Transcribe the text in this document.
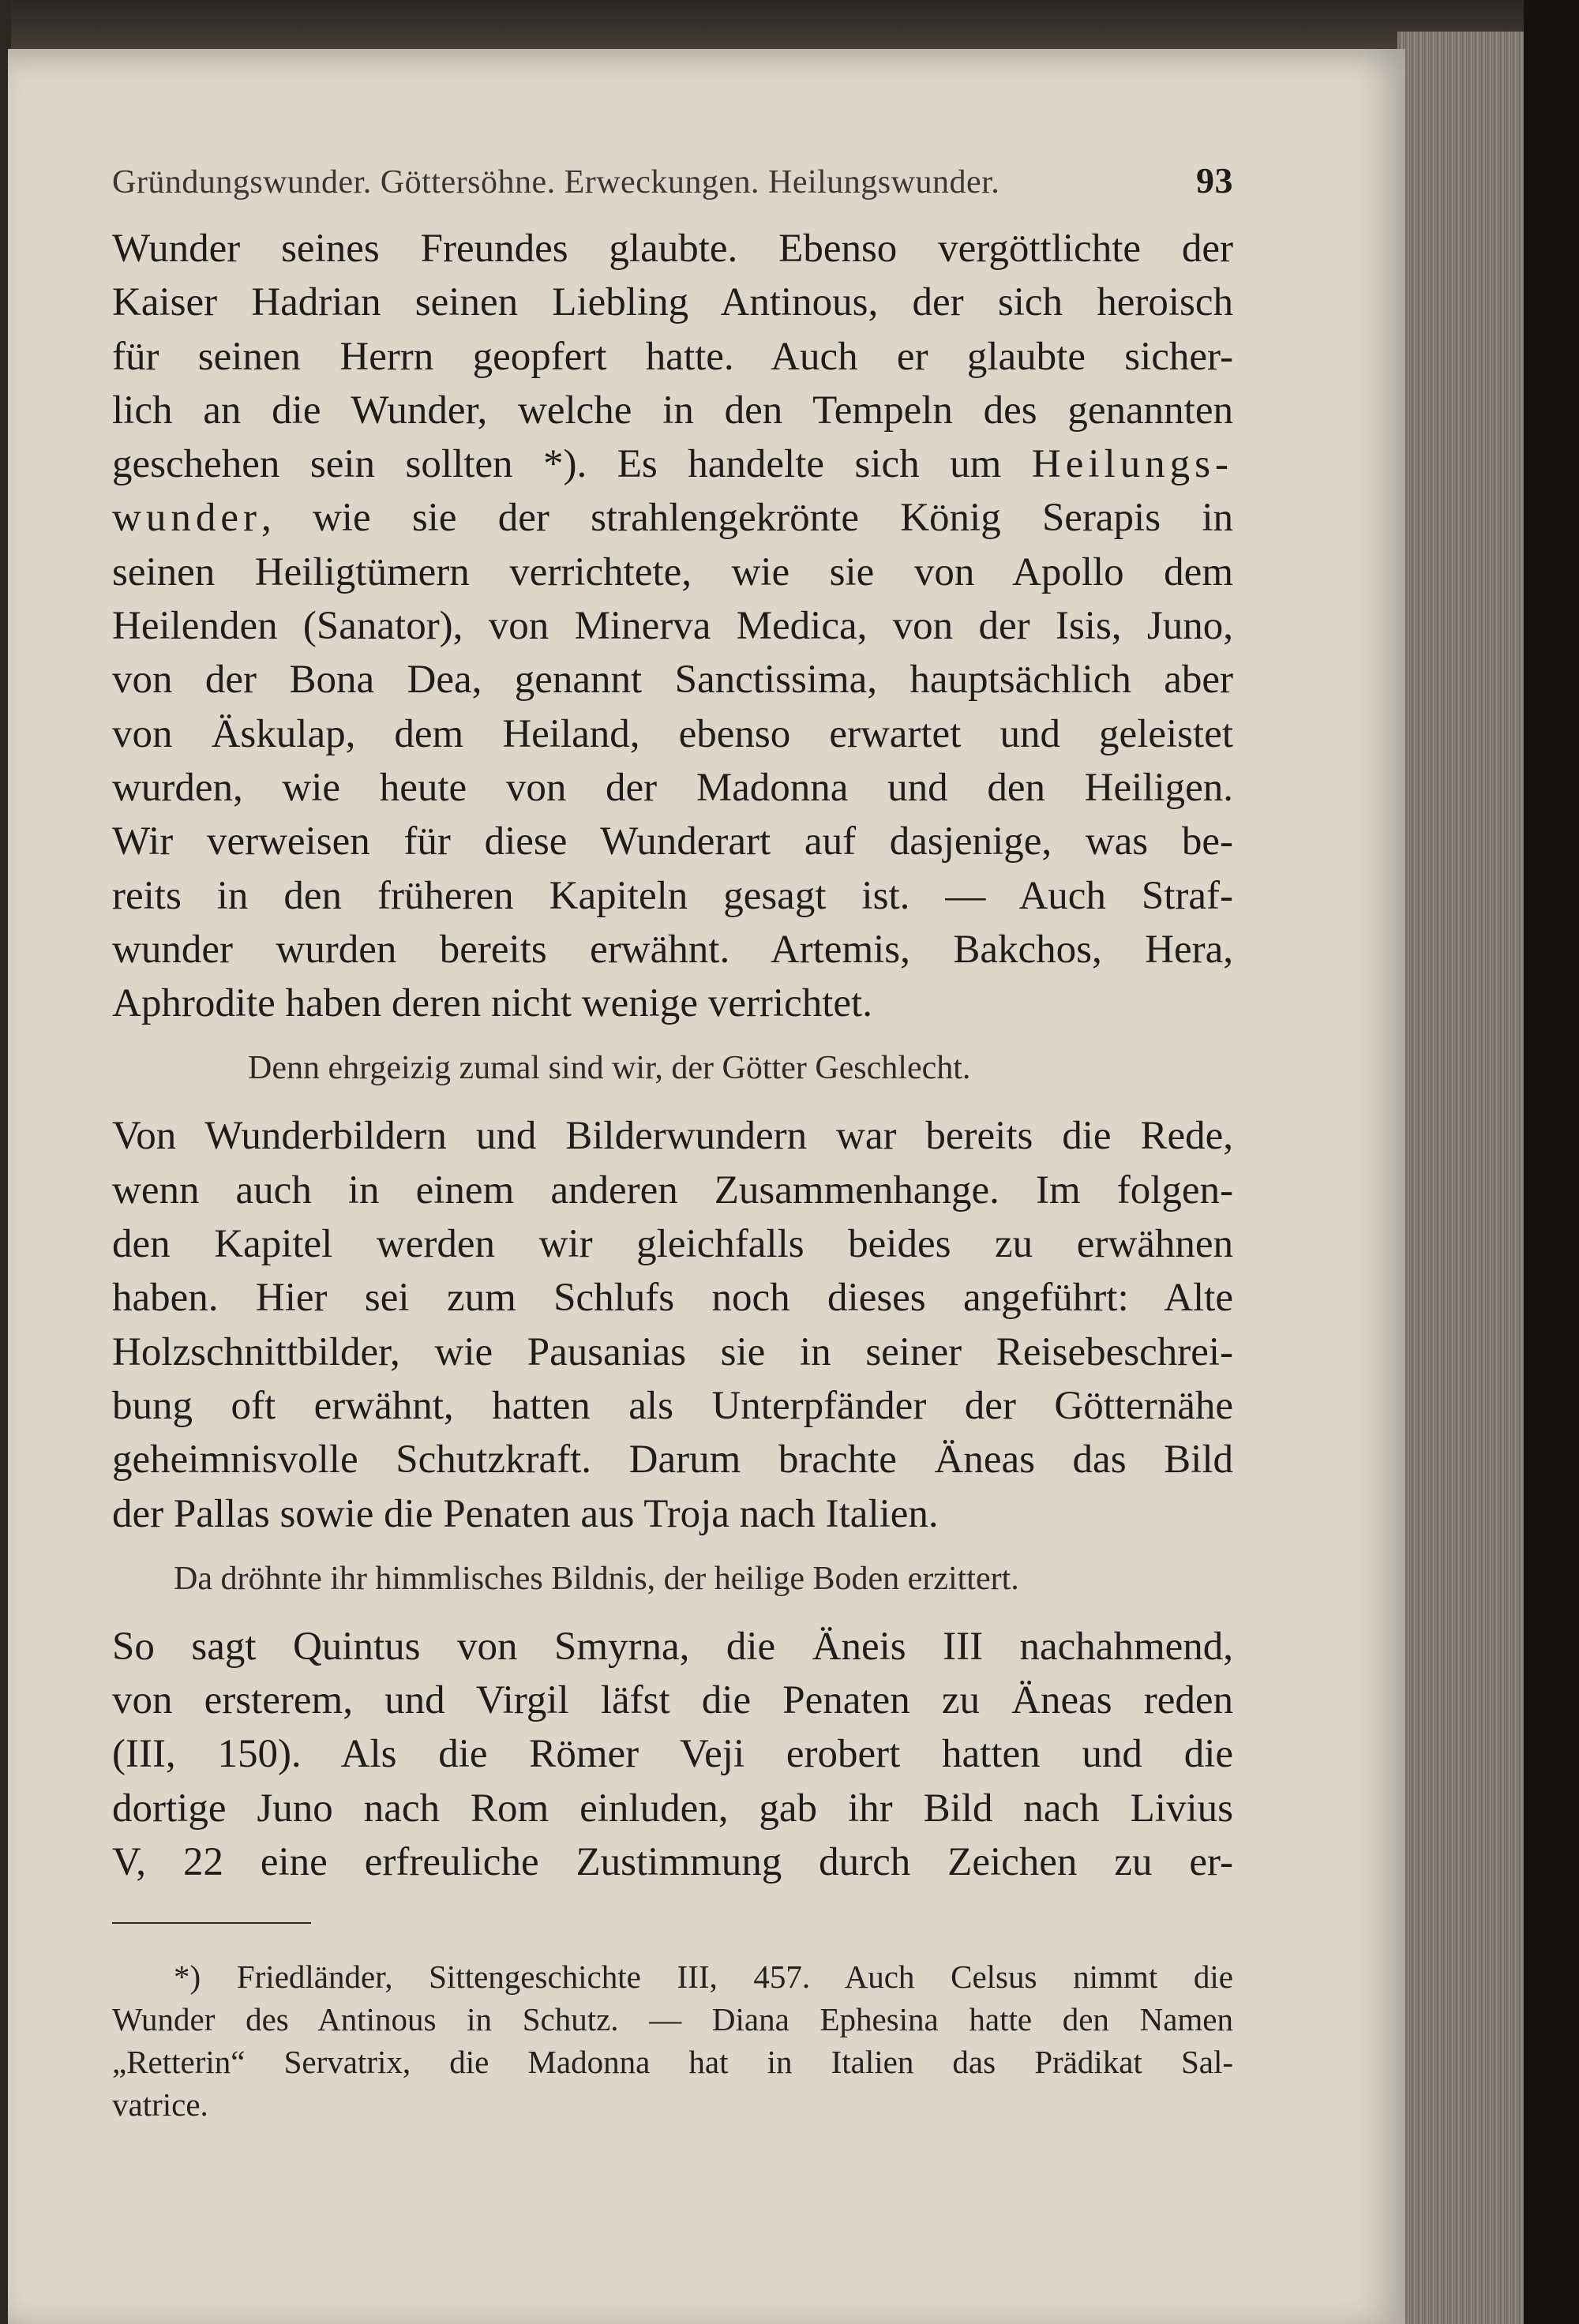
Gründungswunder. Göttersöhne. Erweckungen. Heilungswunder.	93

Wunder seines Freundes glaubte. Ebenso vergöttlichte der
Kaiser Hadrian seinen Liebling Antinous, der sich heroisch
für seinen Herrn geopfert hatte. Auch er glaubte sicher-
lich an die Wunder, welche in den Tempeln des genannten
geschehen sein sollten *). Es handelte sich um Heilungs-
wunder, wie sie der strahlengekrönte König Serapis in
seinen Heiligtümern verrichtete, wie sie von Apollo dem
Heilenden (Sanator), von Minerva Medica, von der Isis, Juno,
von der Bona Dea, genannt Sanctissima, hauptsächlich aber
von Äskulap, dem Heiland, ebenso erwartet und geleistet
wurden, wie heute von der Madonna und den Heiligen.
Wir verweisen für diese Wunderart auf dasjenige, was be-
reits in den früheren Kapiteln gesagt ist. — Auch Straf-
wunder wurden bereits erwähnt. Artemis, Bakchos, Hera,
Aphrodite haben deren nicht wenige verrichtet.

Denn ehrgeizig zumal sind wir, der Götter Geschlecht.

Von Wunderbildern und Bilderwundern war bereits die Rede,
wenn auch in einem anderen Zusammenhange. Im folgen-
den Kapitel werden wir gleichfalls beides zu erwähnen
haben. Hier sei zum Schlufs noch dieses angeführt: Alte
Holzschnittbilder, wie Pausanias sie in seiner Reisebeschrei-
bung oft erwähnt, hatten als Unterpfänder der Götternähe
geheimnisvolle Schutzkraft. Darum brachte Äneas das Bild
der Pallas sowie die Penaten aus Troja nach Italien.

Da dröhnte ihr himmlisches Bildnis, der heilige Boden erzittert.

So sagt Quintus von Smyrna, die Äneis III nachahmend,
von ersterem, und Virgil läfst die Penaten zu Äneas reden
(III, 150). Als die Römer Veji erobert hatten und die
dortige Juno nach Rom einluden, gab ihr Bild nach Livius
V, 22 eine erfreuliche Zustimmung durch Zeichen zu er-

*) Friedländer, Sittengeschichte III, 457. Auch Celsus nimmt die
Wunder des Antinous in Schutz. — Diana Ephesina hatte den Namen
„Retterin“ Servatrix, die Madonna hat in Italien das Prädikat Sal-
vatrice.
